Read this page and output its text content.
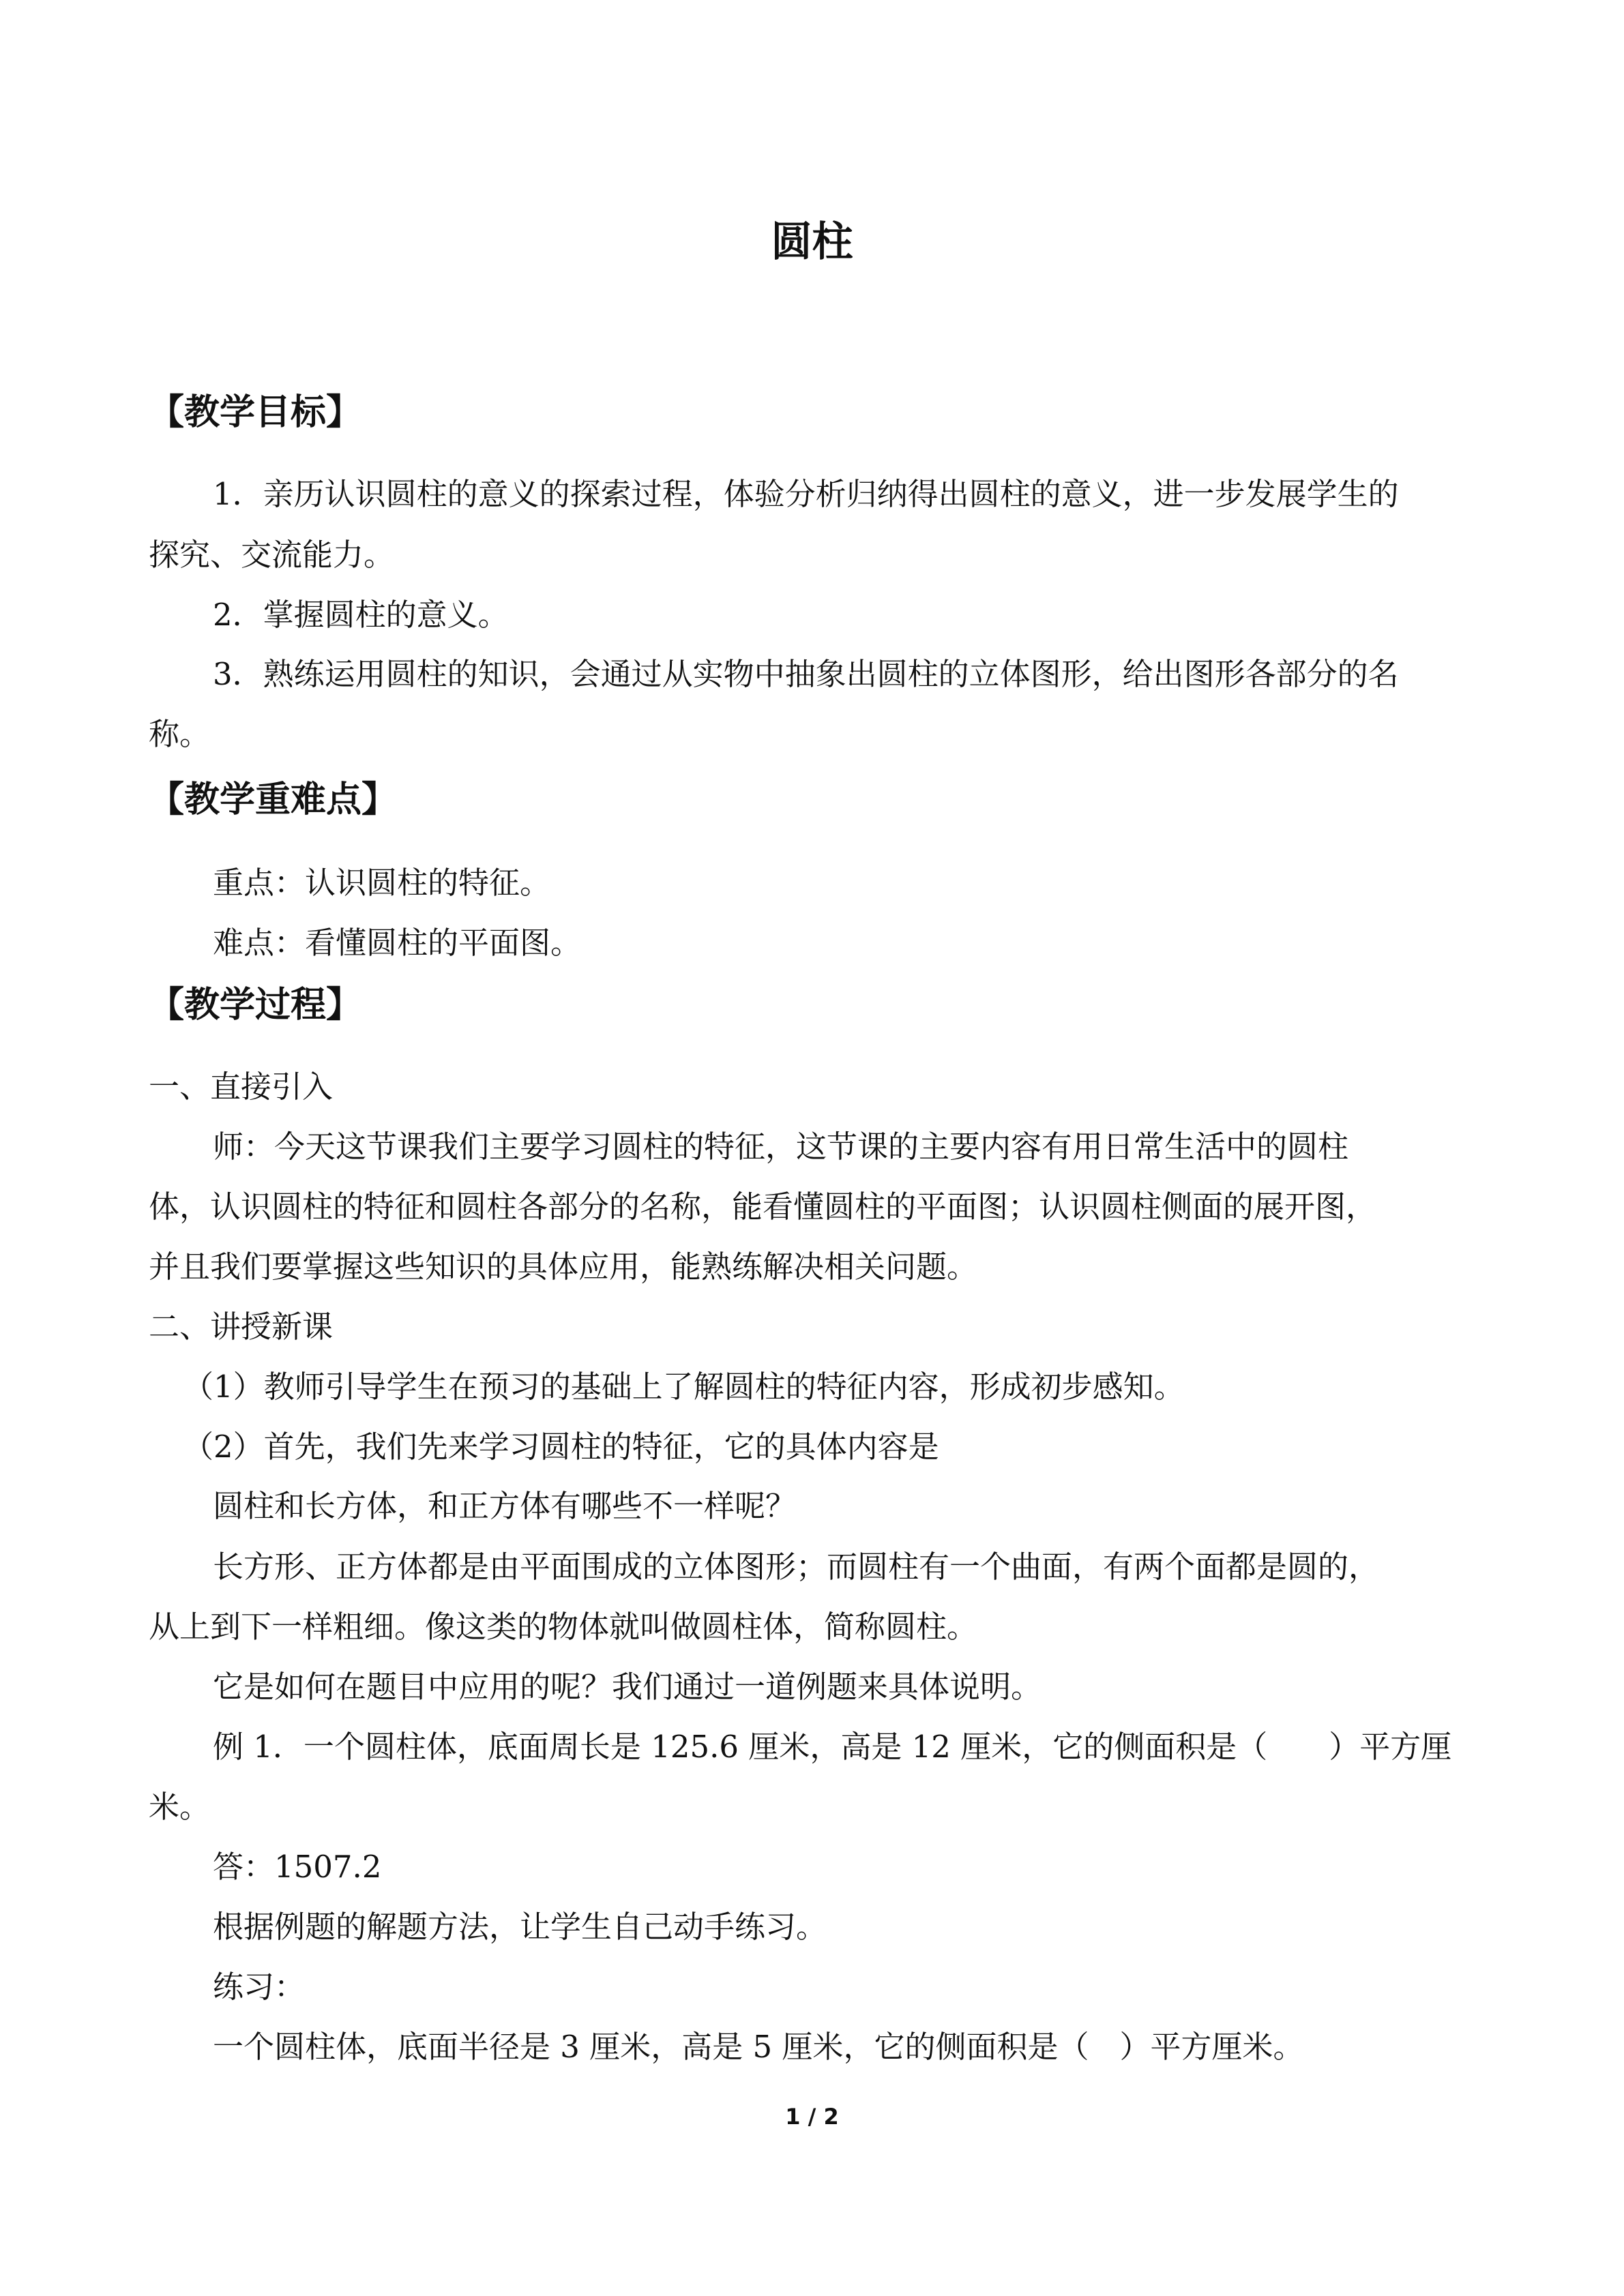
圆柱
【教学目标】
1．亲历认识圆柱的意义的探索过程，体验分析归纳得出圆柱的意义，进一步发展学生的
探究、交流能力。
2．掌握圆柱的意义。
3．熟练运用圆柱的知识，会通过从实物中抽象出圆柱的立体图形，给出图形各部分的名
称。
【教学重难点】
重点：认识圆柱的特征。
难点：看懂圆柱的平面图。
【教学过程】
一、直接引入
师：今天这节课我们主要学习圆柱的特征，这节课的主要内容有用日常生活中的圆柱
体，认识圆柱的特征和圆柱各部分的名称，能看懂圆柱的平面图；认识圆柱侧面的展开图，
并且我们要掌握这些知识的具体应用，能熟练解决相关问题。
二、讲授新课
（1）教师引导学生在预习的基础上了解圆柱的特征内容，形成初步感知。
（2）首先，我们先来学习圆柱的特征，它的具体内容是
圆柱和长方体，和正方体有哪些不一样呢？
长方形、正方体都是由平面围成的立体图形；而圆柱有一个曲面，有两个面都是圆的，
从上到下一样粗细。像这类的物体就叫做圆柱体，简称圆柱。
它是如何在题目中应用的呢？我们通过一道例题来具体说明。
例 1．一个圆柱体，底面周长是 125.6 厘米，高是 12 厘米，它的侧面积是（　　）平方厘
米。
答：1507.2
根据例题的解题方法，让学生自己动手练习。
练习：
一个圆柱体，底面半径是 3 厘米，高是 5 厘米，它的侧面积是（　）平方厘米。
1 / 2
